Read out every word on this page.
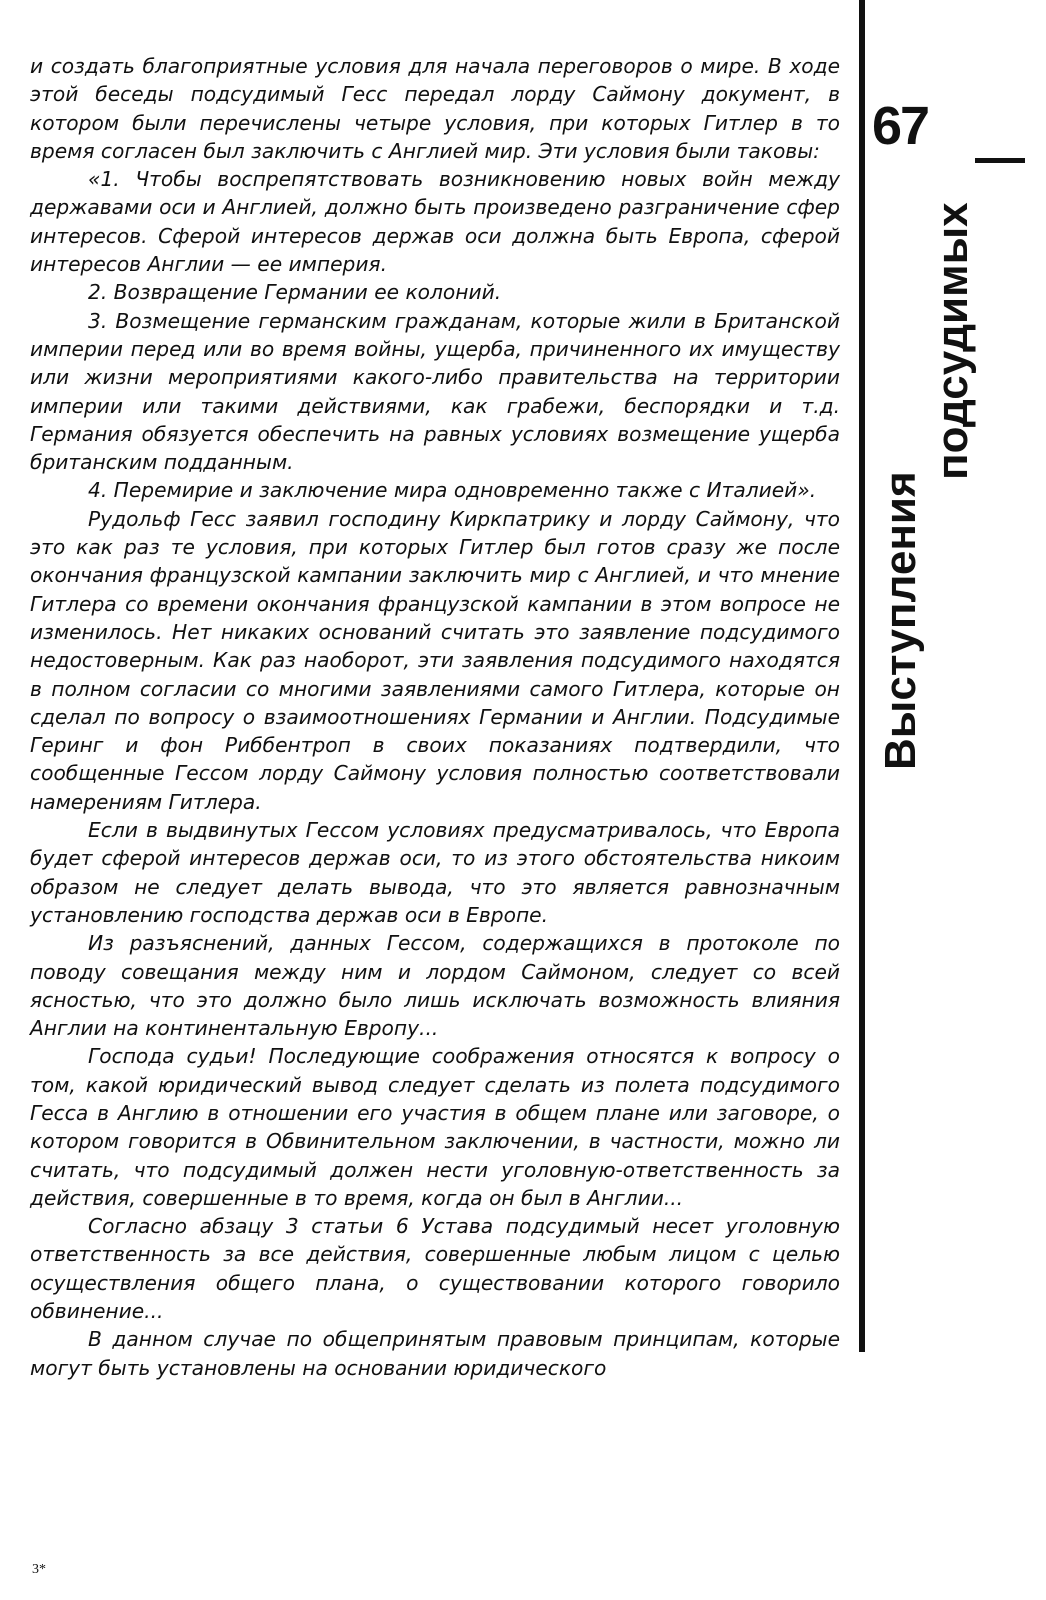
и создать благоприятные условия для начала переговоров о мире. В ходе этой беседы подсудимый Гесс передал лорду Саймону документ, в котором были перечислены четыре условия, при которых Гитлер в то время согласен был заключить с Англией мир. Эти условия были таковы:

«1. Чтобы воспрепятствовать возникновению новых войн между державами оси и Англией, должно быть произведено разграничение сфер интересов. Сферой интересов держав оси должна быть Европа, сферой интересов Англии — ее империя.

2. Возвращение Германии ее колоний.

3. Возмещение германским гражданам, которые жили в Британской империи перед или во время войны, ущерба, причиненного их имуществу или жизни мероприятиями какого-либо правительства на территории империи или такими действиями, как грабежи, беспорядки и т.д. Германия обязуется обеспечить на равных условиях возмещение ущерба британским подданным.

4. Перемирие и заключение мира одновременно также с Италией».

Рудольф Гесс заявил господину Киркпатрику и лорду Саймону, что это как раз те условия, при которых Гитлер был готов сразу же после окончания французской кампании заключить мир с Англией, и что мнение Гитлера со времени окончания французской кампании в этом вопросе не изменилось. Нет никаких оснований считать это заявление подсудимого недостоверным. Как раз наоборот, эти заявления подсудимого находятся в полном согласии со многими заявлениями самого Гитлера, которые он сделал по вопросу о взаимоотношениях Германии и Англии. Подсудимые Геринг и фон Риббентроп в своих показаниях подтвердили, что сообщенные Гессом лорду Саймону условия полностью соответствовали намерениям Гитлера.

Если в выдвинутых Гессом условиях предусматривалось, что Европа будет сферой интересов держав оси, то из этого обстоятельства никоим образом не следует делать вывода, что это является равнозначным установлению господства держав оси в Европе.

Из разъяснений, данных Гессом, содержащихся в протоколе по поводу совещания между ним и лордом Саймоном, следует со всей ясностью, что это должно было лишь исключать возможность влияния Англии на континентальную Европу...

Господа судьи! Последующие соображения относятся к вопросу о том, какой юридический вывод следует сделать из полета подсудимого Гесса в Англию в отношении его участия в общем плане или заговоре, о котором говорится в Обвинительном заключении, в частности, можно ли считать, что подсудимый должен нести уголовную-ответственность за действия, совершенные в то время, когда он был в Англии...

Согласно абзацу 3 статьи 6 Устава подсудимый несет уголовную ответственность за все действия, совершенные любым лицом с целью осуществления общего плана, о существовании которого говорило обвинение...

В данном случае по общепринятым правовым принципам, которые могут быть установлены на основании юридического

67
Выступления
подсудимых
3*
